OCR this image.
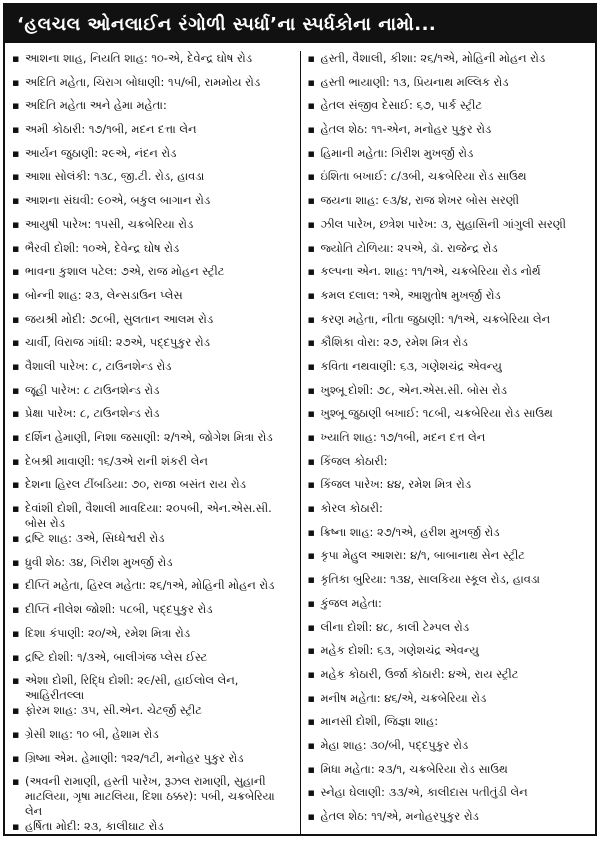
‘હલચલ ઓનલાઈન રંગોળી સ્પર્ધા’ના સ્પર્ધકોના નામો...
▪ આશના શાહ, નિયતિ શાહ: ૧૦-એ, દેવેન્દ્ર ઘોષ રોડ
▪ અદિતિ મહેતા, ચિરાગ બોધાણી: ૧૫/બી, રામમોય રોડ
▪ અદિતિ મહેતા અને હેમા મહેતા:
▪ અમી કોઠારી: ૧૭/૧બી, મદન દત્તા લેન
▪ આર્યન જુઠાણી: ૨૯એ, નંદન રોડ
▪ આશા સોલંકી: ૧૩૮, જી.ટી. રોડ, હાવડા
▪ આશના સંઘવી: ૯૦એ, બકુલ બાગાન રોડ
▪ આયુષી પારેખ: ૧૫સી, ચક્રબેરિયા રોડ
▪ ભૈરવી દોશી: ૧૦એ, દેવેન્દ્ર ઘોષ રોડ
▪ ભાવના કુશાલ પટેલ: ૭એ, રાજ મોહન સ્ટ્રીટ
▪ બોન્ની શાહ: ૨૩, લેન્સડાઉન પ્લેસ
▪ જયશ્રી મોદી: ૭૮બી, સુલતાન આલમ રોડ
▪ ચાર્વી, વિરાજ ગાંધી: ૨૭એ, પદ્દપુકુર રોડ
▪ વૈશાલી પારેખ: ૮, ટાઉનશેન્ડ રોડ
▪ જૂહી પારેખ: ૮ ટાઉનશેન્ડ રોડ
▪ પ્રેક્ષા પારેખ: ૮, ટાઉનશેન્ડ રોડ
▪ દર્શિન હેમાણી, નિશા જસાણી: ૨/૧એ, જોગેશ મિત્રા રોડ
▪ દેબશ્રી માવાણી: ૧૬/૩એ રાની શંકરી લેન
▪ દેશના હિરલ ટીંબડિયા: ૭૦, રાજા બસંત રાય રોડ
▪ દેવાંશી દોશી, વૈશાલી માવદિયા: ૨૦૫બી, એન.એસ.સી. બોસ રોડ
▪ દ્રષ્ટિ શાહ: ૩એ, સિધ્ધેશ્વરી રોડ
▪ ધ્રુવી શેઠ: ૩૪, ગિરીશ મુખર્જી રોડ
▪ દીપ્તિ મહેતા, હિરલ મહેતા: ૨૬/૧એ, મોહિની મોહન રોડ
▪ દીપ્તિ નીલેશ જોશી: ૫૮બી, પદ્દપુકુર રોડ
▪ દિશા કંપાણી: ૨૦/એ, રમેશ મિત્રા રોડ
▪ દ્રષ્ટિ દોશી: ૧/૩એ, બાલીગંજ પ્લેસ ઈસ્ટ
▪ એશા દોશી, રિદ્ધિ દોશી: ૨૯/સી, હાઈલોલ લેન, આહિરીતલ્લા
▪ ફોરમ શાહ: ૩૫, સી.એન. ચેટર્જી સ્ટ્રીટ
▪ ગ્રેસી શાહ: ૧૦ બી, હેશામ રોડ
▪ ગ્રિષ્મા એમ. હેમાણી: ૧૨૨/૧ટી, મનોહર પુકુર રોડ
▪ (અવની રામાણી, હસ્તી પારેખ, રૂઝલ રામાણી, સુહાની માટલિયા, ગૃષા માટલિયા, દિશા ઠક્કર): ૫બી, ચક્રબેરિયા લેન
▪ હર્ષિતા મોદી: ૨૩, કાલીઘાટ રોડ
▪ હસ્તી, વૈશાલી, કીશા: ૨૬/૧એ, મોહિની મોહન રોડ
▪ હસ્તી ભાયાણી: ૧૩, પ્રિયનાથ મલ્લિક રોડ
▪ હેતલ સંજીવ દેસાઈ: ૬૭, પાર્ક સ્ટ્રીટ
▪ હેતલ શેઠ: ૧૧-એન, મનોહર પુકુર રોડ
▪ હિમાની મહેતા: ગિરીશ મુખર્જી રોડ
▪ ઇંશિતા બખાઈ: ૮/૩બી, ચક્રબેરિયા રોડ સાઉથ
▪ જયના શાહ: ૯૩/૪, રાજ શેખર બોસ સરણી
▪ ઝીલ પારેખ, છત્રેશ પારેખ: ૩, સુહાસિની ગાંગુલી સરણી
▪ જ્યોતિ ટોળિયા: ૨૫એ, ડૉ. રાજેન્દ્ર રોડ
▪ કલ્પના એન. શાહ: ૧૧/૧એ, ચક્રબેરિયા રોડ નોર્થ
▪ કમલ દલાલ: ૧એ, આશુતોષ મુખર્જી રોડ
▪ કરણ મહેતા, નીતા જુઠાણી: ૧/૧એ, ચક્રબેરિયા લેન
▪ કૌશિકા વોરા: ૨૭, રમેશ મિત્ર રોડ
▪ કવિતા નથવાણી: ૬૩, ગણેશચંદ્ર એવન્યુ
▪ ખુશ્બૂ દોશી: ૭૮, એન.એસ.સી. બોસ રોડ
▪ ખુશ્બૂ જુઠાણી બખાઈ: ૧૮બી, ચક્રબેરિયા રોડ સાઉથ
▪ ખ્યાતિ શાહ: ૧૭/૧બી, મદન દત્ત લેન
▪ કિંજલ કોઠારી:
▪ કિંજલ પારેખ: ૪૪, રમેશ મિત્ર રોડ
▪ કોરલ કોઠારી:
▪ ક્રિષ્ના શાહ: ૨૭/૧એ, હરીશ મુખર્જી રોડ
▪ કૃપા મેહુલ આશરા: ૪/૧, બાબાનાથ સેન સ્ટ્રીટ
▪ કૃતિકા બુરિયા: ૧૩૪, સાલકિયા સ્કૂલ રોડ, હાવડા
▪ કુંજલ મહેતા:
▪ લીના દોશી: ૪૮, કાલી ટેમ્પલ રોડ
▪ મહેક દોશી: ૬૩, ગણેશચંદ્ર એવન્યુ
▪ મહેક કોઠારી, ઉર્જા કોઠારી: ૪એ, રાય સ્ટ્રીટ
▪ મનીષ મહેતા: ૪૬/એ, ચક્રબેરિયા રોડ
▪ માનસી દોશી, જિજ્ઞા શાહ:
▪ મેહા શાહ: ૩૦/બી, પદ્દપુકુર રોડ
▪ મિધા મહેતા: ૨૩/૧, ચક્રબેરિયા રોડ સાઉથ
▪ સ્નેહા ઘેલાણી: ૩૩/એ, કાલીદાસ પતીતુંડી લેન
▪ હેતલ શેઠ: ૧૧/એ, મનોહરપુકુર રોડ
